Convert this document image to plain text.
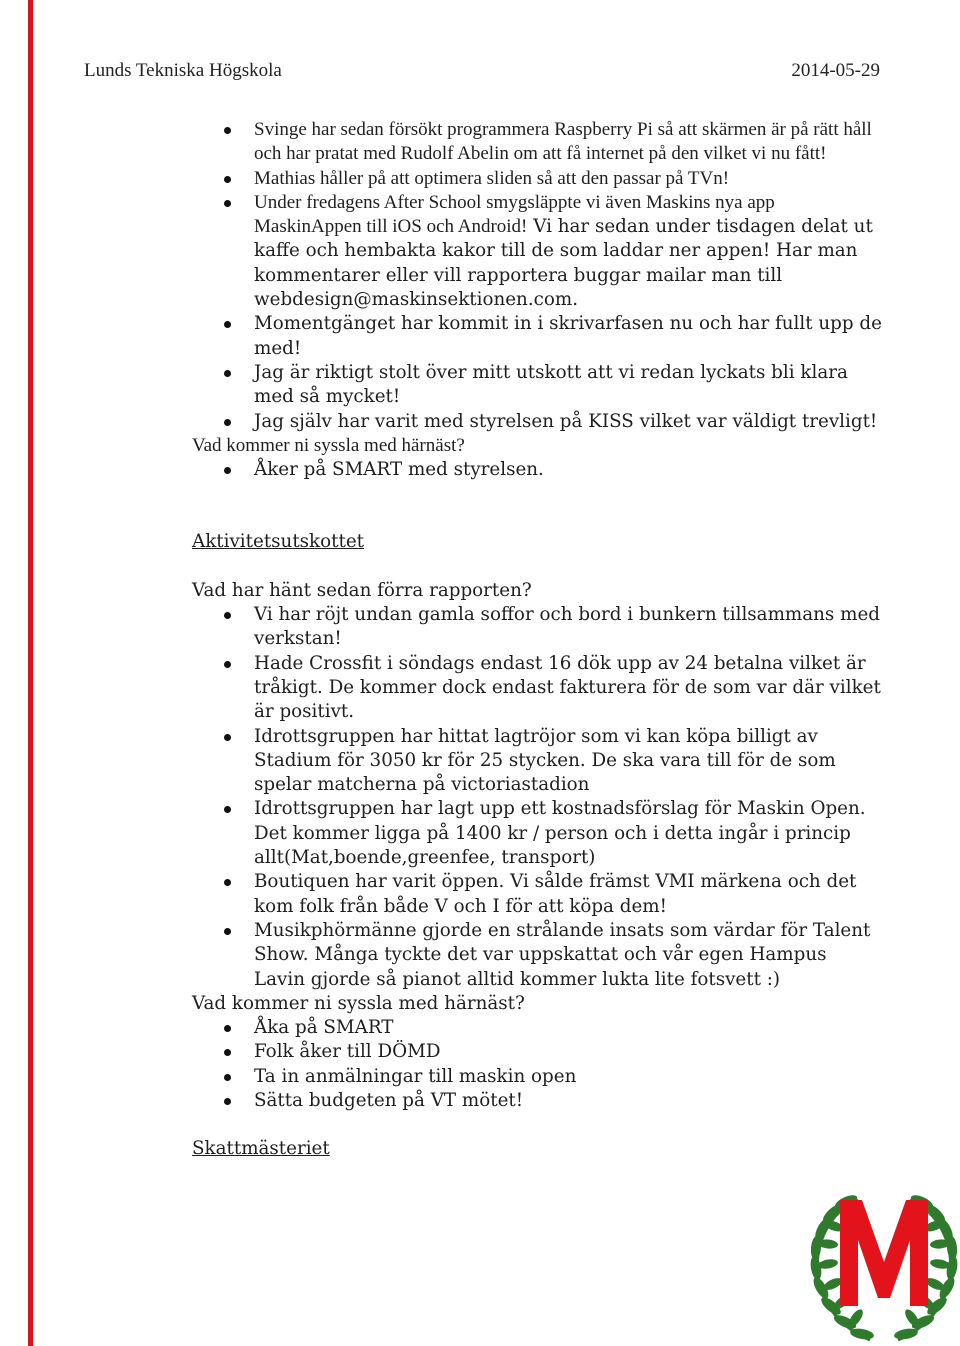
Lunds Tekniska Högskola	2014-05-29
Svinge har sedan försökt programmera Raspberry Pi så att skärmen är på rätt håll och har pratat med Rudolf Abelin om att få internet på den vilket vi nu fått!
Mathias håller på att optimera sliden så att den passar på TVn!
Under fredagens After School smygsläppte vi även Maskins nya app MaskinAppen till iOS och Android! Vi har sedan under tisdagen delat ut kaffe och hembakta kakor till de som laddar ner appen! Har man kommentarer eller vill rapportera buggar mailar man till webdesign@maskinsektionen.com.
Momentgänget har kommit in i skrivarfasen nu och har fullt upp de med!
Jag är riktigt stolt över mitt utskott att vi redan lyckats bli klara med så mycket!
Jag själv har varit med styrelsen på KISS vilket var väldigt trevligt!

Vad kommer ni syssla med härnäst?

Åker på SMART med styrelsen.

Aktivitetsutskottet

Vad har hänt sedan förra rapporten?

Vi har röjt undan gamla soffor och bord i bunkern tillsammans med verkstan!
Hade Crossfit i söndags endast 16 dök upp av 24 betalna vilket är tråkigt. De kommer dock endast fakturera för de som var där vilket är positivt.
Idrottsgruppen har hittat lagtröjor som vi kan köpa billigt av Stadium för 3050 kr för 25 stycken. De ska vara till för de som spelar matcherna på victoriastadion
Idrottsgruppen har lagt upp ett kostnadsförslag för Maskin Open. Det kommer ligga på 1400 kr / person och i detta ingår i princip allt(Mat,boende,greenfee, transport)
Boutiquen har varit öppen. Vi sålde främst VMI märkena och det kom folk från både V och I för att köpa dem!
Musikphörmänne gjorde en strålande insats som värdar för Talent Show. Många tyckte det var uppskattat och vår egen Hampus Lavin gjorde så pianot alltid kommer lukta lite fotsvett :)

Vad kommer ni syssla med härnäst?

Åka på SMART
Folk åker till DÖMD
Ta in anmälningar till maskin open
Sätta budgeten på VT mötet!

Skattmästeriet
